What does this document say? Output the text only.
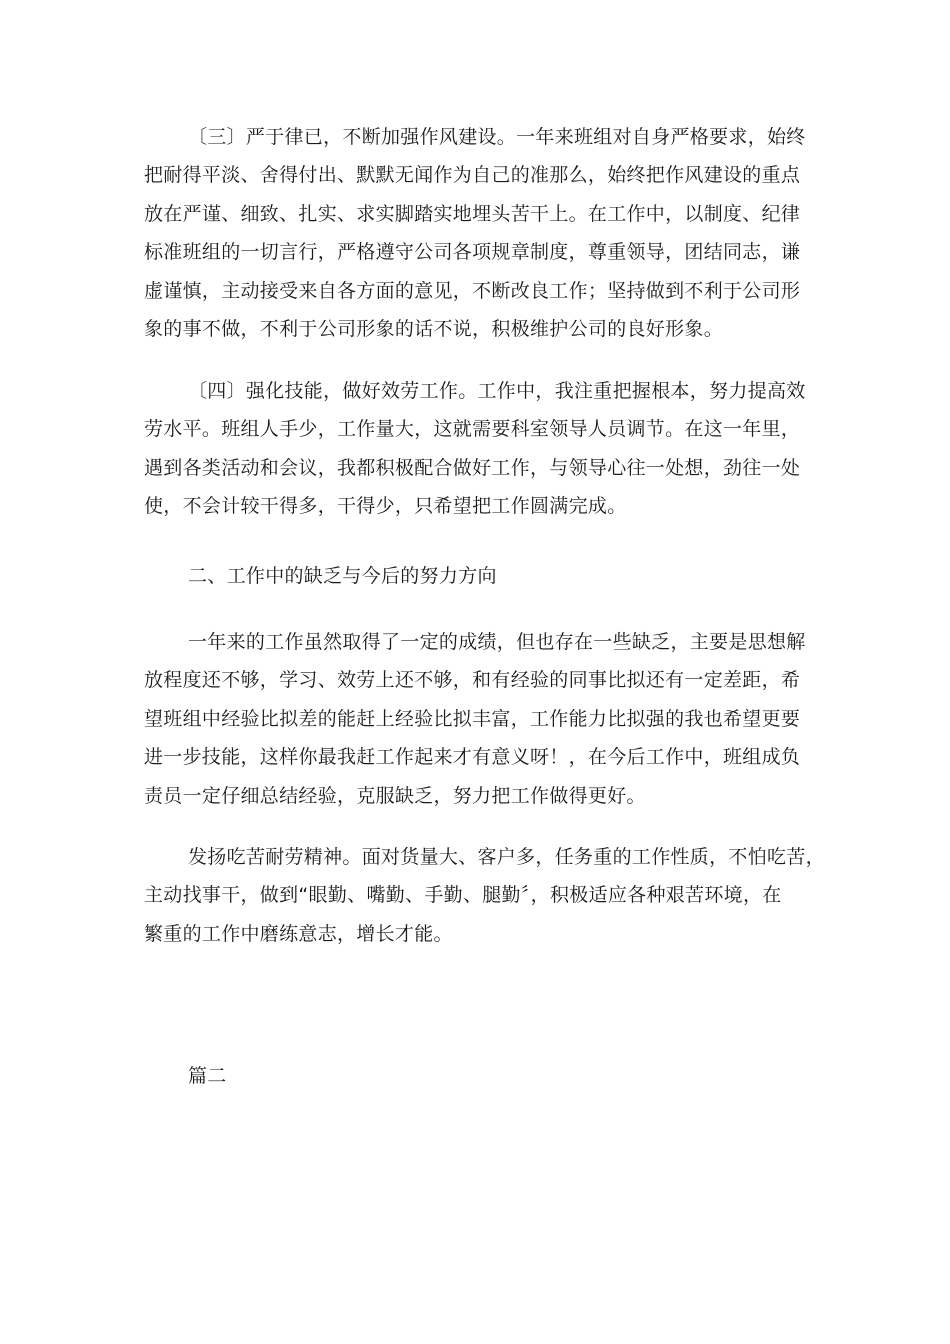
〔三〕严于律已，不断加强作风建设。一年来班组对自身严格要求，始终
把耐得平淡、舍得付出、默默无闻作为自己的准那么，始终把作风建设的重点
放在严谨、细致、扎实、求实脚踏实地埋头苦干上。在工作中，以制度、纪律
标准班组的一切言行，严格遵守公司各项规章制度，尊重领导，团结同志，谦
虚谨慎，主动接受来自各方面的意见，不断改良工作；坚持做到不利于公司形
象的事不做，不利于公司形象的话不说，积极维护公司的良好形象。
〔四〕强化技能，做好效劳工作。工作中，我注重把握根本，努力提高效
劳水平。班组人手少，工作量大，这就需要科室领导人员调节。在这一年里，
遇到各类活动和会议，我都积极配合做好工作，与领导心往一处想，劲往一处
使，不会计较干得多，干得少，只希望把工作圆满完成。
二、工作中的缺乏与今后的努力方向
一年来的工作虽然取得了一定的成绩，但也存在一些缺乏，主要是思想解
放程度还不够，学习、效劳上还不够，和有经验的同事比拟还有一定差距，希
望班组中经验比拟差的能赶上经验比拟丰富，工作能力比拟强的我也希望更要
进一步技能，这样你最我赶工作起来才有意义呀！，在今后工作中，班组成负
责员一定仔细总结经验，克服缺乏，努力把工作做得更好。
发扬吃苦耐劳精神。面对货量大、客户多，任务重的工作性质，不怕吃苦，
主动找事干，做到“眼勤、嘴勤、手勤、腿勤〞，积极适应各种艰苦环境，在
繁重的工作中磨练意志，增长才能。
篇二
